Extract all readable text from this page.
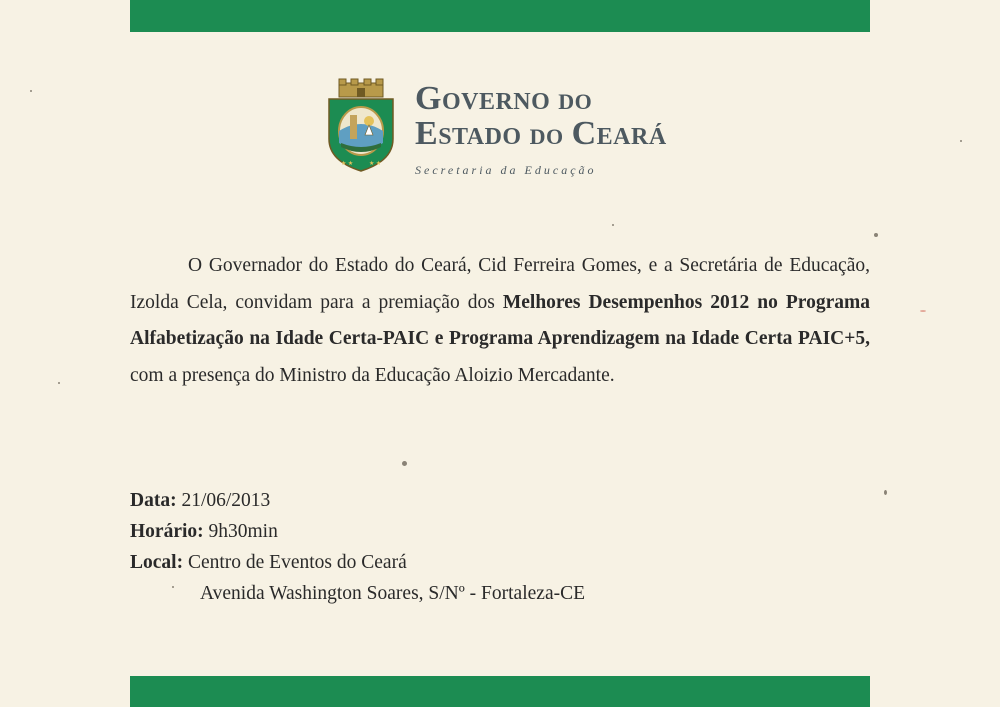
★ ★	★ ★
GOVERNO DO
ESTADO DO CEARÁ
Secretaria da Educação
O Governador do Estado do Ceará, Cid Ferreira Gomes, e a Secretária de Educação, Izolda Cela, convidam para a premiação dos Melhores Desempenhos 2012 no Programa Alfabetização na Idade Certa-PAIC e Programa Aprendizagem na Idade Certa PAIC+5, com a presença do Ministro da Educação Aloizio Mercadante.
Data: 21/06/2013
Horário: 9h30min
Local: Centro de Eventos do Ceará
Avenida Washington Soares, S/Nº - Fortaleza-CE
